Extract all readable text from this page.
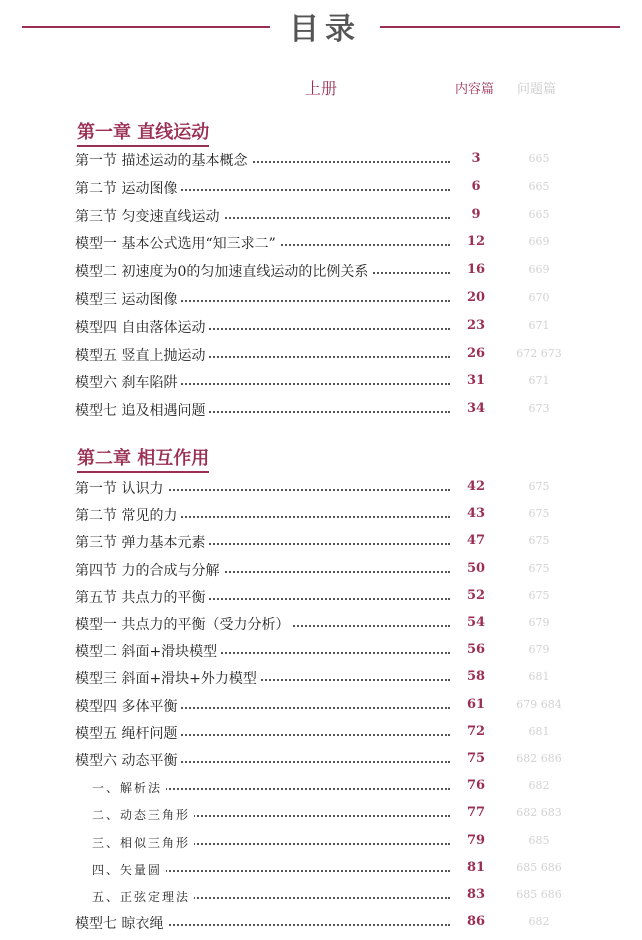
目录
上册	内容篇 问题篇
第一章 直线运动
第一节 描述运动的基本概念	3	665
第二节 运动图像	6	665
第三节 匀变速直线运动	9	665
模型一 基本公式选用“知三求二”	12	669
模型二 初速度为0的匀加速直线运动的比例关系	16	669
模型三 运动图像	20	670
模型四 自由落体运动	23	671
模型五 竖直上抛运动	26	672 673
模型六 刹车陷阱	31	671
模型七 追及相遇问题	34	673
第二章 相互作用
第一节 认识力	42	675
第二节 常见的力	43	675
第三节 弹力基本元素	47	675
第四节 力的合成与分解	50	675
第五节 共点力的平衡	52	675
模型一 共点力的平衡（受力分析）	54	679
模型二 斜面+滑块模型	56	679
模型三 斜面+滑块+外力模型	58	681
模型四 多体平衡	61	679 684
模型五 绳杆问题	72	681
模型六 动态平衡	75	682 686
一、解析法	76	682
二、动态三角形	77	682 683
三、相似三角形	79	685
四、矢量圆	81	685 686
五、正弦定理法	83	685 686
模型七 晾衣绳	86	682
